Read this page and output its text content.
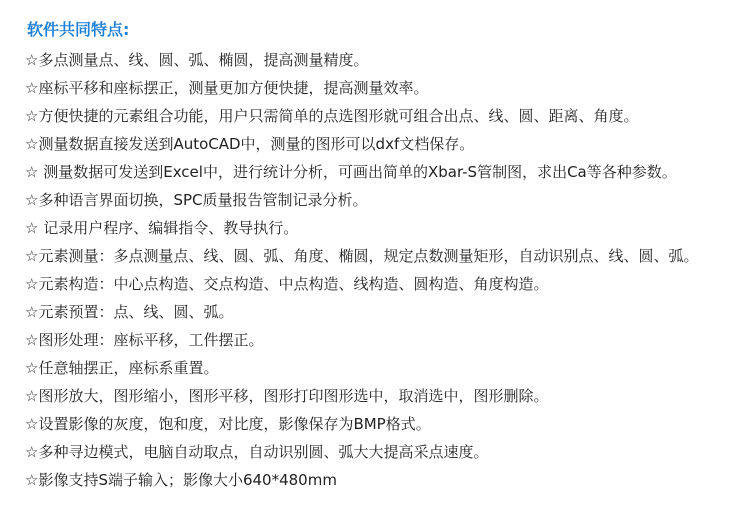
软件共同特点:
☆多点测量点、线、圆、弧、椭圆，提高测量精度。
☆座标平移和座标摆正，测量更加方便快捷，提高测量效率。
☆方便快捷的元素组合功能，用户只需简单的点选图形就可组合出点、线、圆、距离、角度。
☆测量数据直接发送到AutoCAD中，测量的图形可以dxf文档保存。
☆ 测量数据可发送到Excel中，进行统计分析，可画出简单的Xbar-S管制图，求出Ca等各种参数。
☆多种语言界面切换，SPC质量报告管制记录分析。
☆ 记录用户程序、编辑指令、教导执行。
☆元素测量：多点测量点、线、圆、弧、角度、椭圆，规定点数测量矩形，自动识别点、线、圆、弧。
☆元素构造：中心点构造、交点构造、中点构造、线构造、圆构造、角度构造。
☆元素预置：点、线、圆、弧。
☆图形处理：座标平移，工件摆正。
☆任意轴摆正，座标系重置。
☆图形放大，图形缩小，图形平移，图形打印图形选中，取消选中，图形删除。
☆设置影像的灰度，饱和度，对比度，影像保存为BMP格式。
☆多种寻边模式，电脑自动取点，自动识别圆、弧大大提高采点速度。
☆影像支持S端子输入；影像大小640*480mm
